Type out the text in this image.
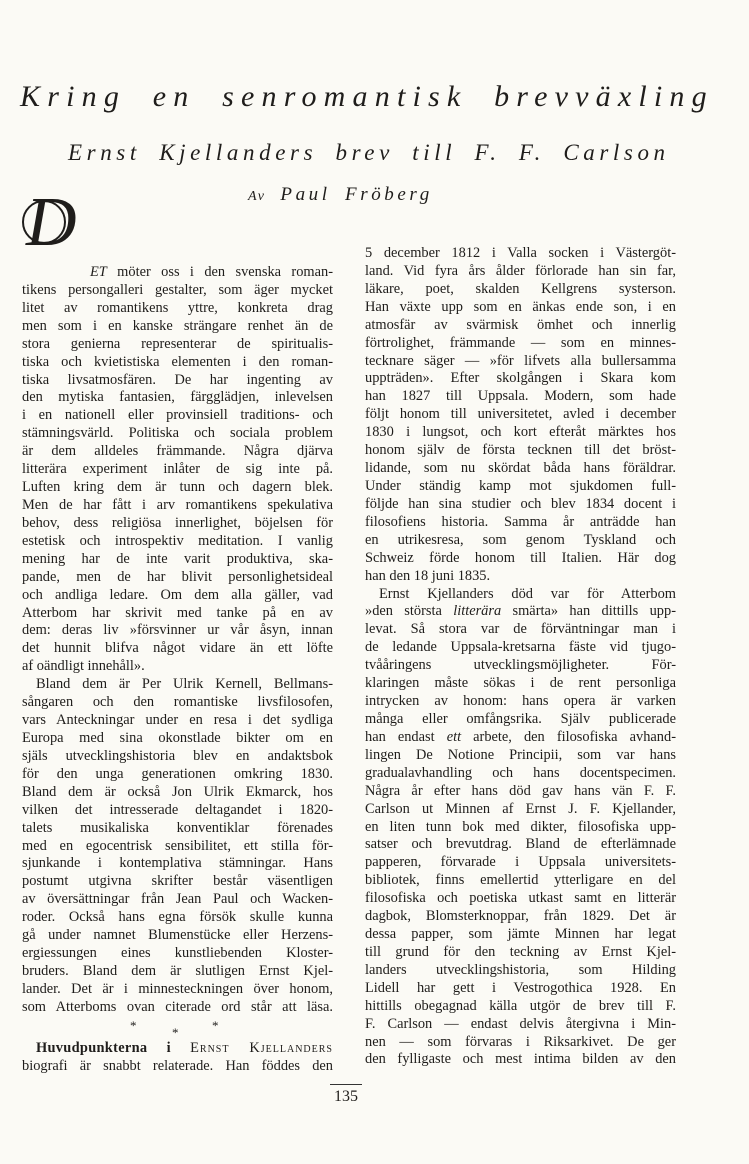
Kring en senromantisk brevväxling
Ernst Kjellanders brev till F. F. Carlson
Av Paul Fröberg
D
ET möter oss i den svenska roman-
tikens persongalleri gestalter, som äger mycket
litet av romantikens yttre, konkreta drag
men som i en kanske strängare renhet än de
stora genierna representerar de spiritualis-
tiska och kvietistiska elementen i den roman-
tiska livsatmosfären. De har ingenting av
den mytiska fantasien, färgglädjen, inlevelsen
i en nationell eller provinsiell traditions- och
stämningsvärld. Politiska och sociala problem
är dem alldeles främmande. Några djärva
litterära experiment inlåter de sig inte på.
Luften kring dem är tunn och dagern blek.
Men de har fått i arv romantikens spekulativa
behov, dess religiösa innerlighet, böjelsen för
estetisk och introspektiv meditation. I vanlig
mening har de inte varit produktiva, ska-
pande, men de har blivit personlighetsideal
och andliga ledare. Om dem alla gäller, vad
Atterbom har skrivit med tanke på en av
dem: deras liv »försvinner ur vår åsyn, innan
det hunnit blifva något vidare än ett löfte
af oändligt innehåll».
Bland dem är Per Ulrik Kernell, Bellmans-
sångaren och den romantiske livsfilosofen,
vars Anteckningar under en resa i det sydliga
Europa med sina okonstlade bikter om en
själs utvecklingshistoria blev en andaktsbok
för den unga generationen omkring 1830.
Bland dem är också Jon Ulrik Ekmarck, hos
vilken det intresserade deltagandet i 1820-
talets musikaliska konventiklar förenades
med en egocentrisk sensibilitet, ett stilla för-
sjunkande i kontemplativa stämningar. Hans
postumt utgivna skrifter består väsentligen
av översättningar från Jean Paul och Wacken-
roder. Också hans egna försök skulle kunna
gå under namnet Blumenstücke eller Herzens-
ergiessungen eines kunstliebenden Kloster-
bruders. Bland dem är slutligen Ernst Kjel-
lander. Det är i minnesteckningen över honom,
som Atterboms ovan citerade ord står att läsa.
*	*	*
Huvudpunkterna i Ernst Kjellanders
biografi är snabbt relaterade. Han föddes den
5 december 1812 i Valla socken i Västergöt-
land. Vid fyra års ålder förlorade han sin far,
läkare, poet, skalden Kellgrens systerson.
Han växte upp som en änkas ende son, i en
atmosfär av svärmisk ömhet och innerlig
förtrolighet, främmande — som en minnes-
tecknare säger — »för lifvets alla bullersamma
uppträden». Efter skolgången i Skara kom
han 1827 till Uppsala. Modern, som hade
följt honom till universitetet, avled i december
1830 i lungsot, och kort efteråt märktes hos
honom själv de första tecknen till det bröst-
lidande, som nu skördat båda hans föräldrar.
Under ständig kamp mot sjukdomen full-
följde han sina studier och blev 1834 docent i
filosofiens historia. Samma år anträdde han
en utrikesresa, som genom Tyskland och
Schweiz förde honom till Italien. Här dog
han den 18 juni 1835.
Ernst Kjellanders död var för Atterbom
»den största litterära smärta» han dittills upp-
levat. Så stora var de förväntningar man i
de ledande Uppsala-kretsarna fäste vid tjugo-
tvååringens utvecklingsmöjligheter. För-
klaringen måste sökas i de rent personliga
intrycken av honom: hans opera är varken
många eller omfångsrika. Själv publicerade
han endast ett arbete, den filosofiska avhand-
lingen De Notione Principii, som var hans
gradualavhandling och hans docentspecimen.
Några år efter hans död gav hans vän F. F.
Carlson ut Minnen af Ernst J. F. Kjellander,
en liten tunn bok med dikter, filosofiska upp-
satser och brevutdrag. Bland de efterlämnade
papperen, förvarade i Uppsala universitets-
bibliotek, finns emellertid ytterligare en del
filosofiska och poetiska utkast samt en litterär
dagbok, Blomsterknoppar, från 1829. Det är
dessa papper, som jämte Minnen har legat
till grund för den teckning av Ernst Kjel-
landers utvecklingshistoria, som Hilding
Lidell har gett i Vestrogothica 1928. En
hittills obegagnad källa utgör de brev till F.
F. Carlson — endast delvis återgivna i Min-
nen — som förvaras i Riksarkivet. De ger
den fylligaste och mest intima bilden av den
135
